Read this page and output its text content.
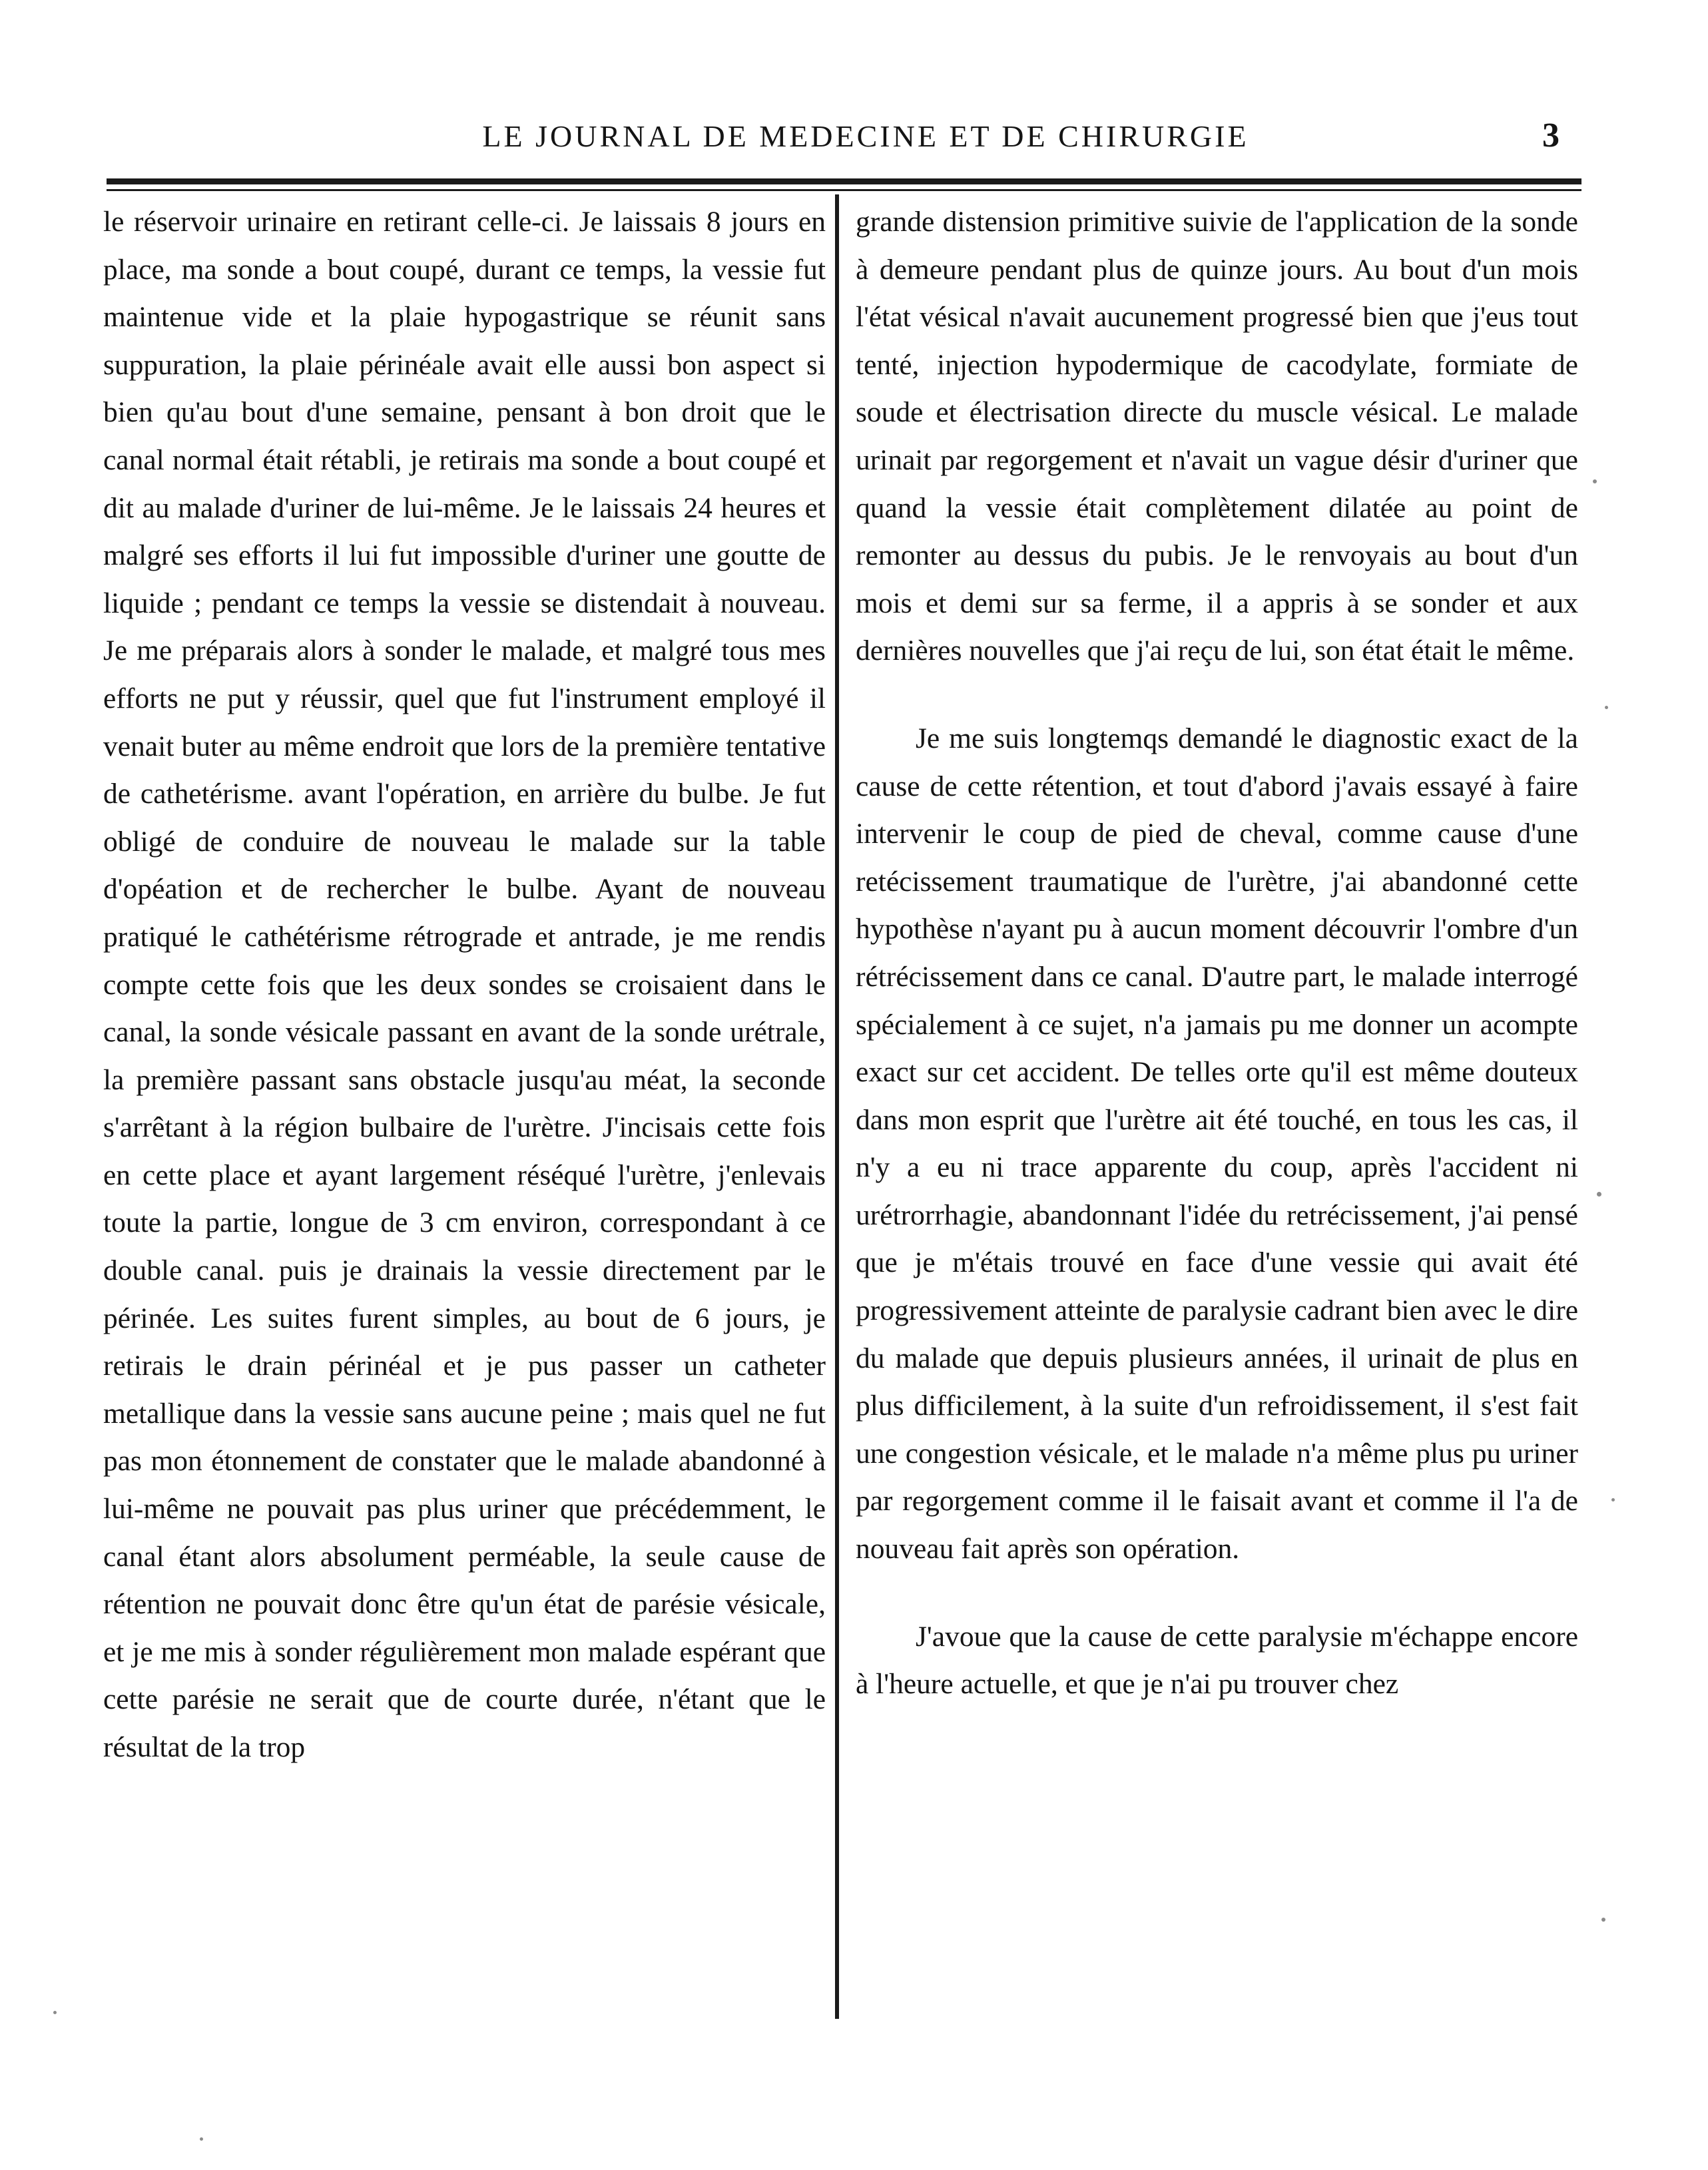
LE JOURNAL DE MEDECINE ET DE CHIRURGIE	3

le réservoir urinaire en retirant celle-ci. Je laissais 8 jours en place, ma sonde a bout coupé, durant ce temps, la vessie fut maintenue vide et la plaie hypogastrique se réunit sans suppuration, la plaie périnéale avait elle aussi bon aspect si bien qu'au bout d'une semaine, pensant à bon droit que le canal normal était rétabli, je retirais ma sonde a bout coupé et dit au malade d'uriner de lui-même. Je le laissais 24 heures et malgré ses efforts il lui fut impossible d'uriner une goutte de liquide ; pendant ce temps la vessie se distendait à nouveau. Je me préparais alors à sonder le malade, et malgré tous mes efforts ne put y réussir, quel que fut l'instrument employé il venait buter au même endroit que lors de la première tentative de cathetérisme. avant l'opération, en arrière du bulbe. Je fut obligé de conduire de nouveau le malade sur la table d'opéation et de rechercher le bulbe. Ayant de nouveau pratiqué le cathétérisme rétrograde et antrade, je me rendis compte cette fois que les deux sondes se croisaient dans le canal, la sonde vésicale passant en avant de la sonde urétrale, la première passant sans obstacle jusqu'au méat, la seconde s'arrêtant à la région bulbaire de l'urètre. J'incisais cette fois en cette place et ayant largement réséqué l'urètre, j'enlevais toute la partie, longue de 3 cm environ, correspondant à ce double canal. puis je drainais la vessie directement par le périnée. Les suites furent simples, au bout de 6 jours, je retirais le drain périnéal et je pus passer un catheter metallique dans la vessie sans aucune peine ; mais quel ne fut pas mon étonnement de constater que le malade abandonné à lui-même ne pouvait pas plus uriner que précédemment, le canal étant alors absolument perméable, la seule cause de rétention ne pouvait donc être qu'un état de parésie vésicale, et je me mis à sonder régulièrement mon malade espérant que cette parésie ne serait que de courte durée, n'étant que le résultat de la trop

grande distension primitive suivie de l'application de la sonde à demeure pendant plus de quinze jours. Au bout d'un mois l'état vésical n'avait aucunement progressé bien que j'eus tout tenté, injection hypodermique de cacodylate, formiate de soude et électrisation directe du muscle vésical. Le malade urinait par regorgement et n'avait un vague désir d'uriner que quand la vessie était complètement dilatée au point de remonter au dessus du pubis. Je le renvoyais au bout d'un mois et demi sur sa ferme, il a appris à se sonder et aux dernières nouvelles que j'ai reçu de lui, son état était le même.

Je me suis longtemqs demandé le diagnostic exact de la cause de cette rétention, et tout d'abord j'avais essayé à faire intervenir le coup de pied de cheval, comme cause d'une retécissement traumatique de l'urètre, j'ai abandonné cette hypothèse n'ayant pu à aucun moment découvrir l'ombre d'un rétrécissement dans ce canal. D'autre part, le malade interrogé spécialement à ce sujet, n'a jamais pu me donner un acompte exact sur cet accident. De telles orte qu'il est même douteux dans mon esprit que l'urètre ait été touché, en tous les cas, il n'y a eu ni trace apparente du coup, après l'accident ni urétrorrhagie, abandonnant l'idée du retrécissement, j'ai pensé que je m'étais trouvé en face d'une vessie qui avait été progressivement atteinte de paralysie cadrant bien avec le dire du malade que depuis plusieurs années, il urinait de plus en plus difficilement, à la suite d'un refroidissement, il s'est fait une congestion vésicale, et le malade n'a même plus pu uriner par regorgement comme il le faisait avant et comme il l'a de nouveau fait après son opération.

J'avoue que la cause de cette paralysie m'échappe encore à l'heure actuelle, et que je n'ai pu trouver chez
